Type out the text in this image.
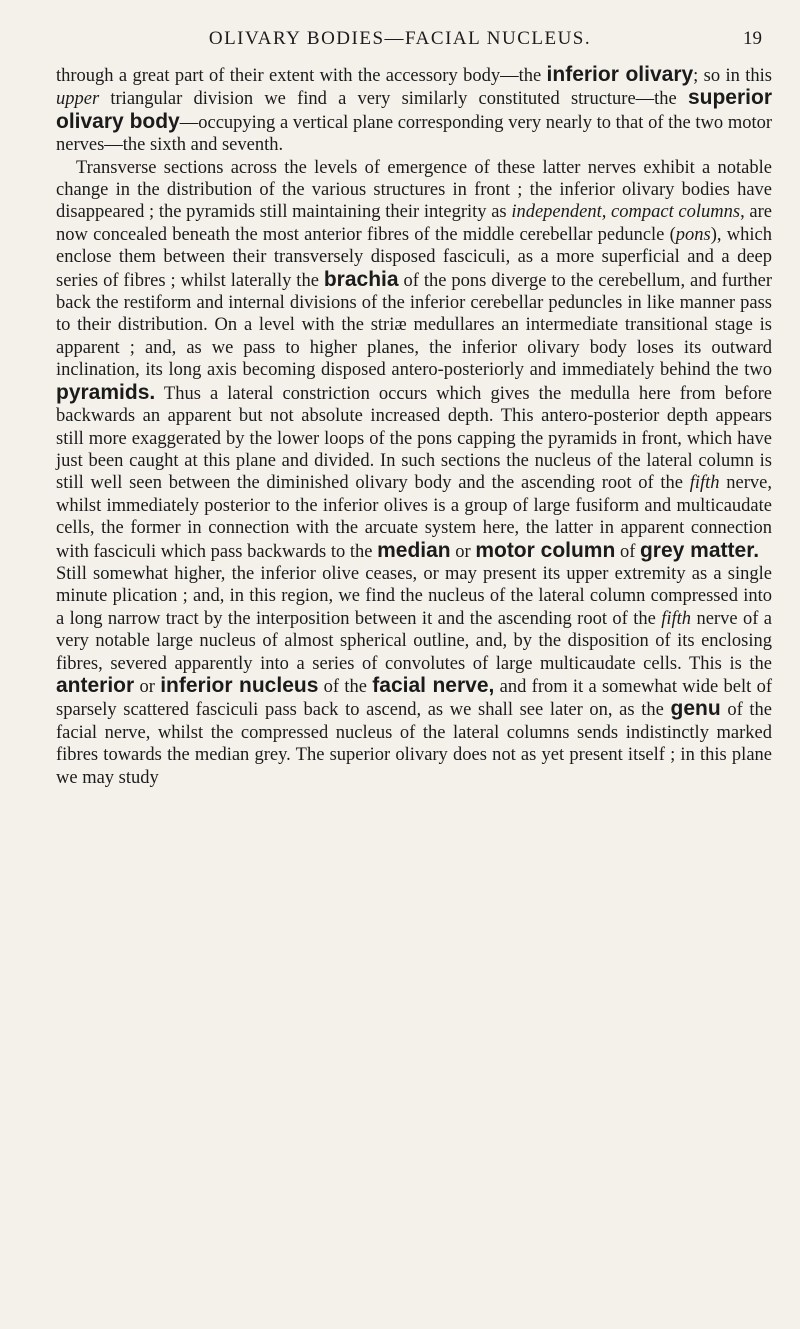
OLIVARY BODIES—FACIAL NUCLEUS.	19

through a great part of their extent with the accessory body—the inferior olivary; so in this upper triangular division we find a very similarly constituted structure—the superior olivary body—occupying a vertical plane corresponding very nearly to that of the two motor nerves—the sixth and seventh.

Transverse sections across the levels of emergence of these latter nerves exhibit a notable change in the distribution of the various structures in front ; the inferior olivary bodies have disappeared ; the pyramids still maintaining their integrity as independent, compact columns, are now concealed beneath the most anterior fibres of the middle cerebellar peduncle (pons), which enclose them between their transversely disposed fasciculi, as a more superficial and a deep series of fibres ; whilst laterally the brachia of the pons diverge to the cerebellum, and further back the restiform and internal divisions of the inferior cerebellar peduncles in like manner pass to their distribution. On a level with the striæ medullares an intermediate transitional stage is apparent ; and, as we pass to higher planes, the inferior olivary body loses its outward inclination, its long axis becoming disposed antero-posteriorly and immediately behind the two pyramids. Thus a lateral constriction occurs which gives the medulla here from before backwards an apparent but not absolute increased depth. This antero-posterior depth appears still more exaggerated by the lower loops of the pons capping the pyramids in front, which have just been caught at this plane and divided. In such sections the nucleus of the lateral column is still well seen between the diminished olivary body and the ascending root of the fifth nerve, whilst immediately posterior to the inferior olives is a group of large fusiform and multicaudate cells, the former in connection with the arcuate system here, the latter in apparent connection with fasciculi which pass backwards to the median or motor column of grey matter.

Still somewhat higher, the inferior olive ceases, or may present its upper extremity as a single minute plication ; and, in this region, we find the nucleus of the lateral column compressed into a long narrow tract by the interposition between it and the ascending root of the fifth nerve of a very notable large nucleus of almost spherical outline, and, by the disposition of its enclosing fibres, severed apparently into a series of convolutes of large multicaudate cells. This is the anterior or inferior nucleus of the facial nerve, and from it a somewhat wide belt of sparsely scattered fasciculi pass back to ascend, as we shall see later on, as the genu of the facial nerve, whilst the compressed nucleus of the lateral columns sends indistinctly marked fibres towards the median grey. The superior olivary does not as yet present itself ; in this plane we may study
